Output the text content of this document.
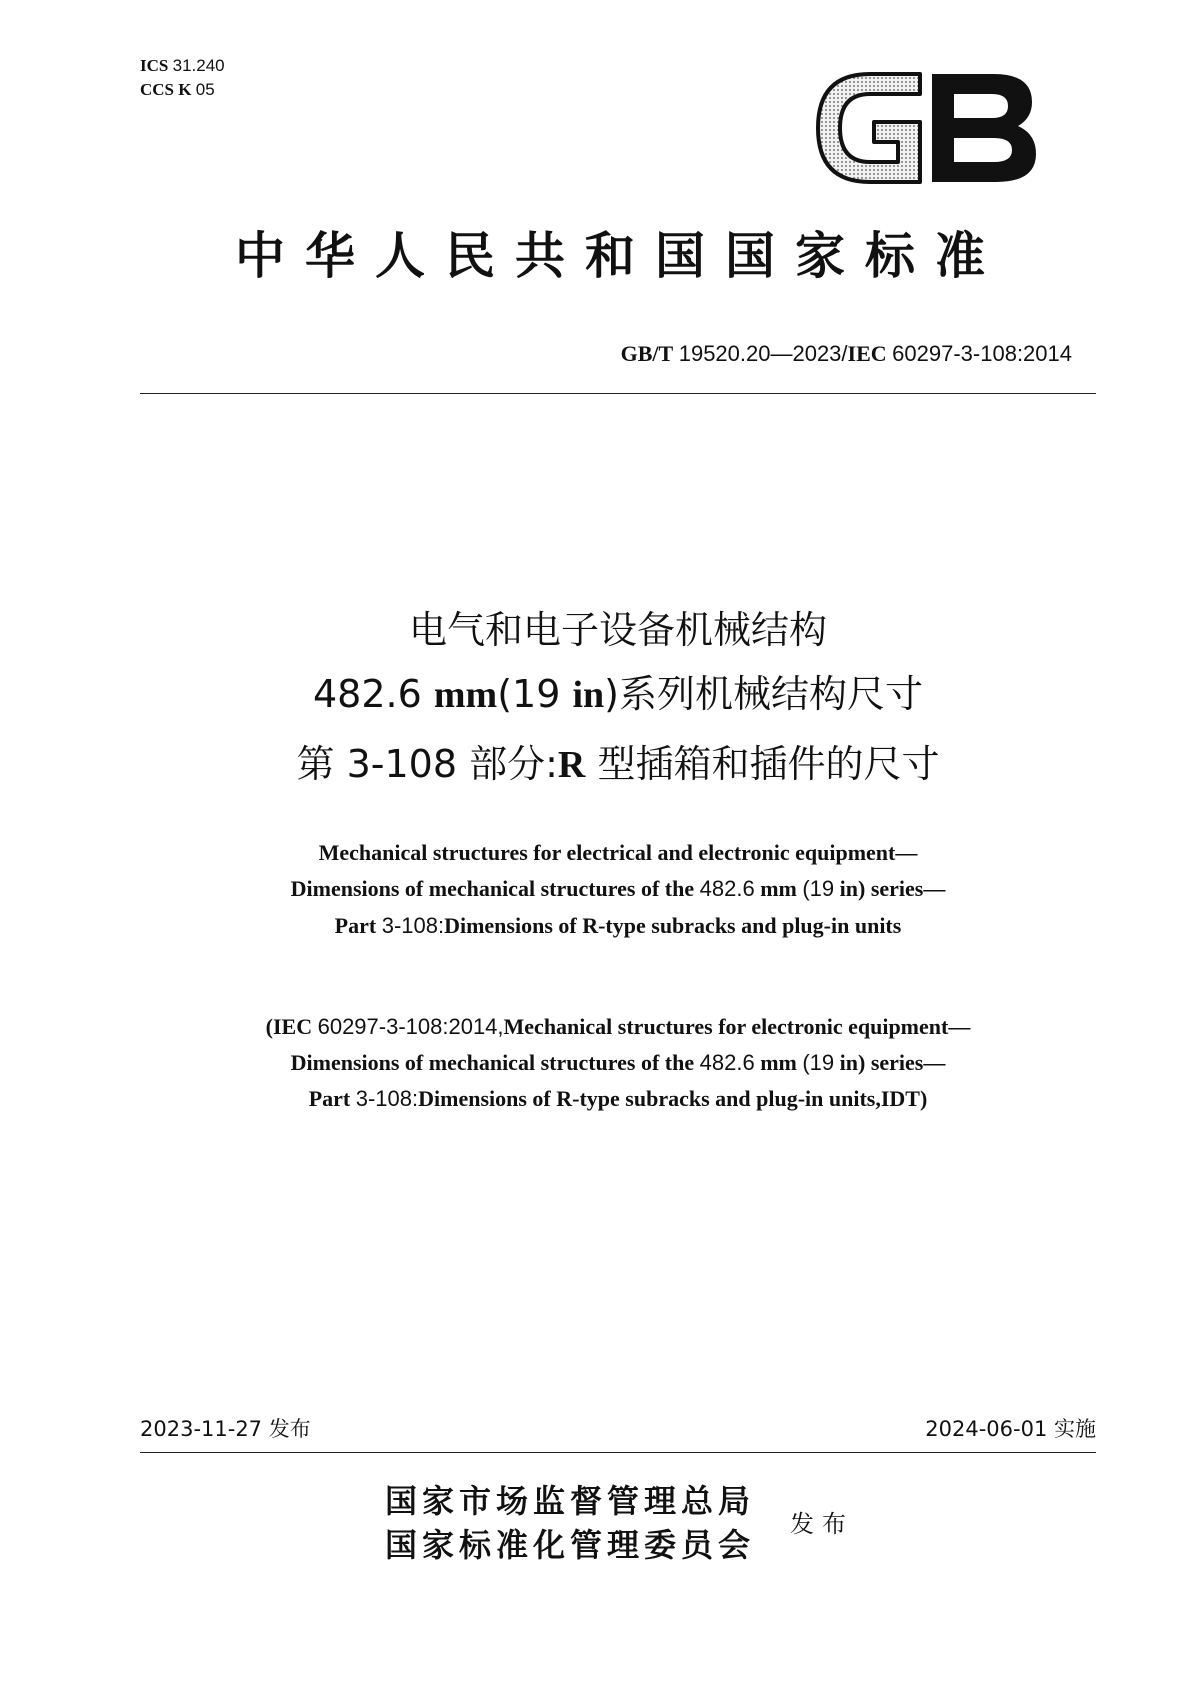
ICS 31.240
CCS K 05
中华人民共和国国家标准
GB/T 19520.20—2023/IEC 60297-3-108:2014
电气和电子设备机械结构
482.6 mm(19 in)系列机械结构尺寸
第 3-108 部分:R 型插箱和插件的尺寸
Mechanical structures for electrical and electronic equipment—
Dimensions of mechanical structures of the 482.6 mm (19 in) series—
Part 3-108:Dimensions of R-type subracks and plug-in units
(IEC 60297-3-108:2014,Mechanical structures for electronic equipment—
Dimensions of mechanical structures of the 482.6 mm (19 in) series—
Part 3-108:Dimensions of R-type subracks and plug-in units,IDT)
2023-11-27 发布	2024-06-01 实施
国家市场监督管理总局
国家标准化管理委员会
发布
